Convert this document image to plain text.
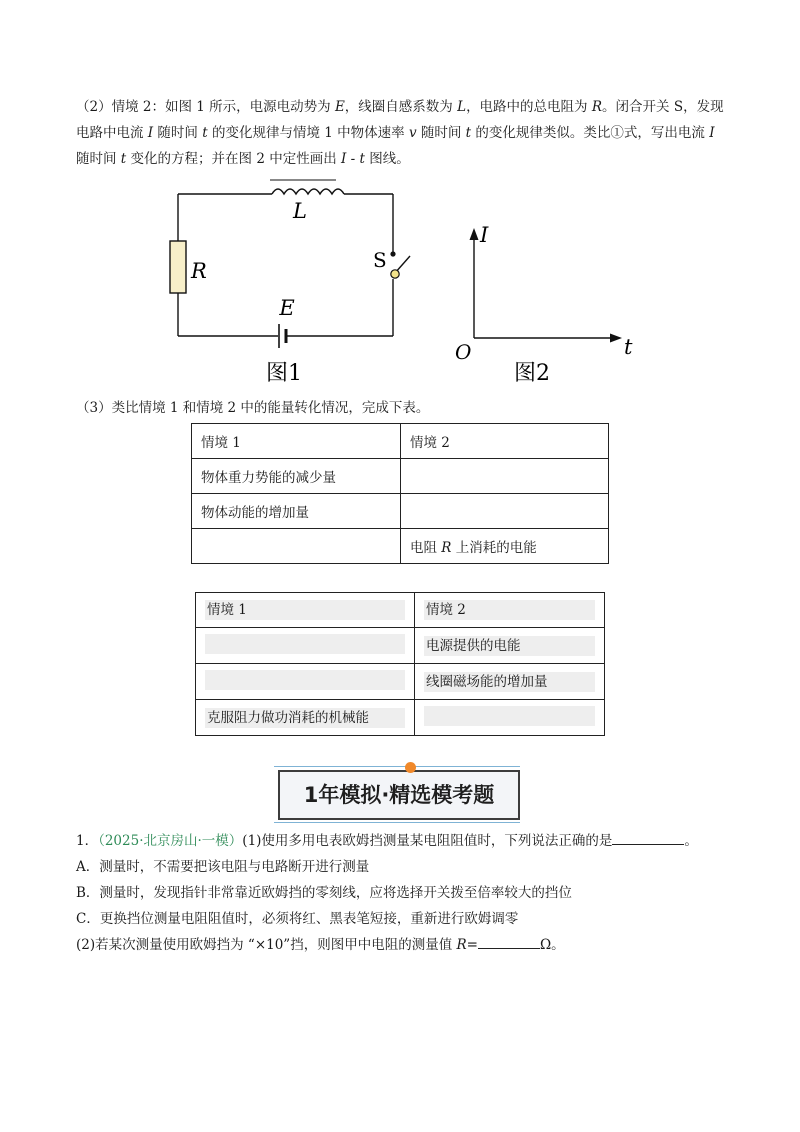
（2）情境 2：如图 1 所示，电源电动势为 E，线圈自感系数为 L，电路中的总电阻为 R。闭合开关 S，发现
电路中电流 I 随时间 t 的变化规律与情境 1 中物体速率 v 随时间 t 的变化规律类似。类比①式，写出电流 I
随时间 t 变化的方程；并在图 2 中定性画出 I - t 图线。
L
R	S
E
图1
I
t
O
图2
（3）类比情境 1 和情境 2 中的能量转化情况，完成下表。
情境 1	情境 2
物体重力势能的减少量	
物体动能的增加量	
	电阻 R 上消耗的电能
情境 1	情境 2
	电源提供的电能
	线圈磁场能的增加量
克服阻力做功消耗的机械能	
1年模拟·精选模考题
1．（2025·北京房山·一模）(1)使用多用电表欧姆挡测量某电阻阻值时，下列说法正确的是	。
A．测量时，不需要把该电阻与电路断开进行测量
B．测量时，发现指针非常靠近欧姆挡的零刻线，应将选择开关拨至倍率较大的挡位
C．更换挡位测量电阻阻值时，必须将红、黑表笔短接，重新进行欧姆调零
(2)若某次测量使用欧姆挡为 “×10”挡，则图甲中电阻的测量值 R=	Ω。
